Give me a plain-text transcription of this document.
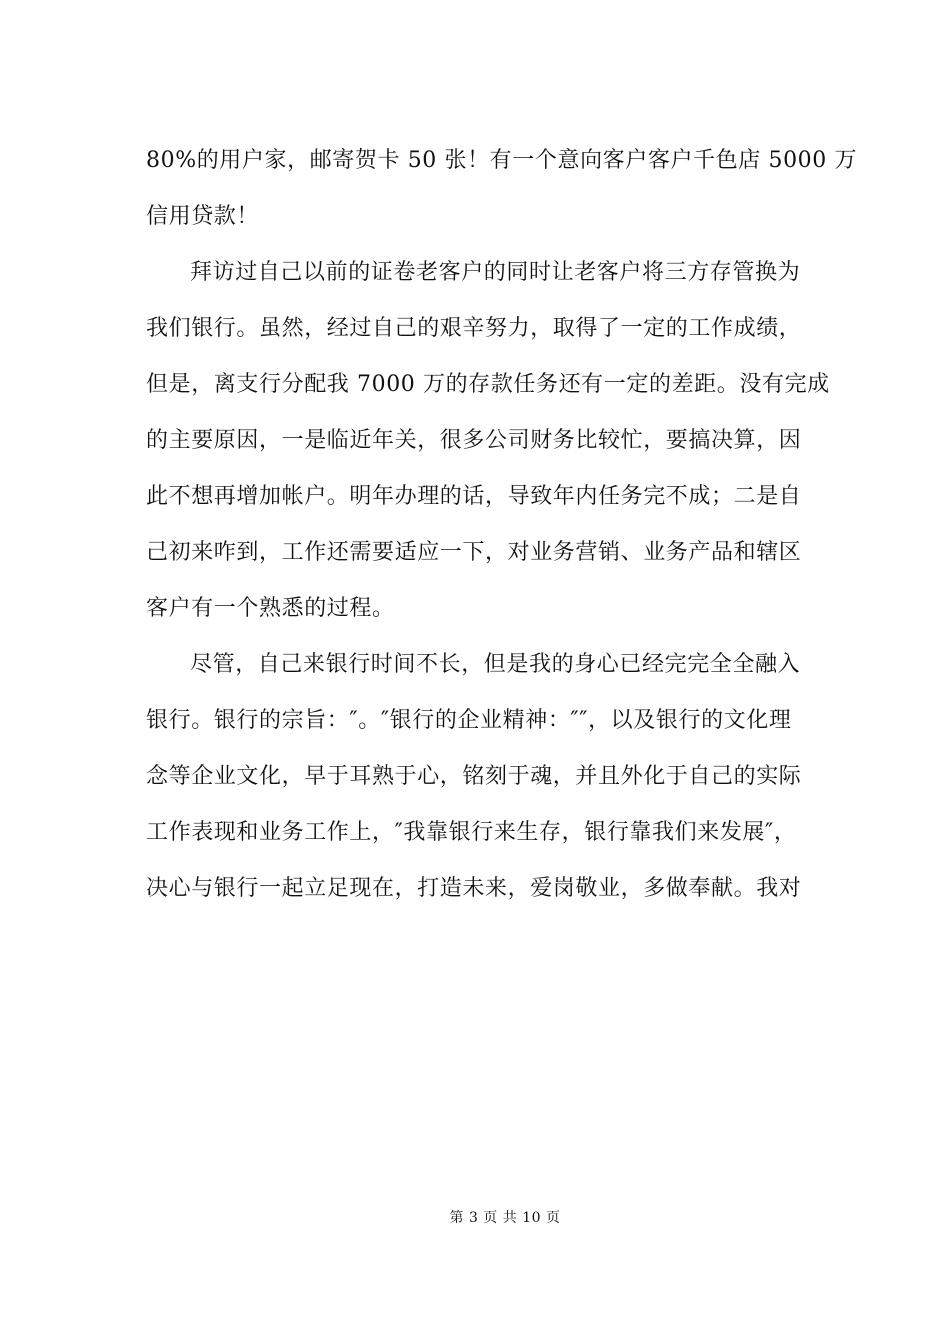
80%的用户家，邮寄贺卡 50 张！有一个意向客户客户千色店 5000 万
信用贷款！
拜访过自己以前的证卷老客户的同时让老客户将三方存管换为
我们银行。虽然，经过自己的艰辛努力，取得了一定的工作成绩，
但是，离支行分配我 7000 万的存款任务还有一定的差距。没有完成
的主要原因，一是临近年关，很多公司财务比较忙，要搞决算，因
此不想再增加帐户。明年办理的话，导致年内任务完不成；二是自
己初来咋到，工作还需要适应一下，对业务营销、业务产品和辖区
客户有一个熟悉的过程。
尽管，自己来银行时间不长，但是我的身心已经完完全全融入
银行。银行的宗旨：″。″银行的企业精神：″″，以及银行的文化理
念等企业文化，早于耳熟于心，铭刻于魂，并且外化于自己的实际
工作表现和业务工作上，″我靠银行来生存，银行靠我们来发展″，
决心与银行一起立足现在，打造未来，爱岗敬业，多做奉献。我对
第 3 页 共 10 页
